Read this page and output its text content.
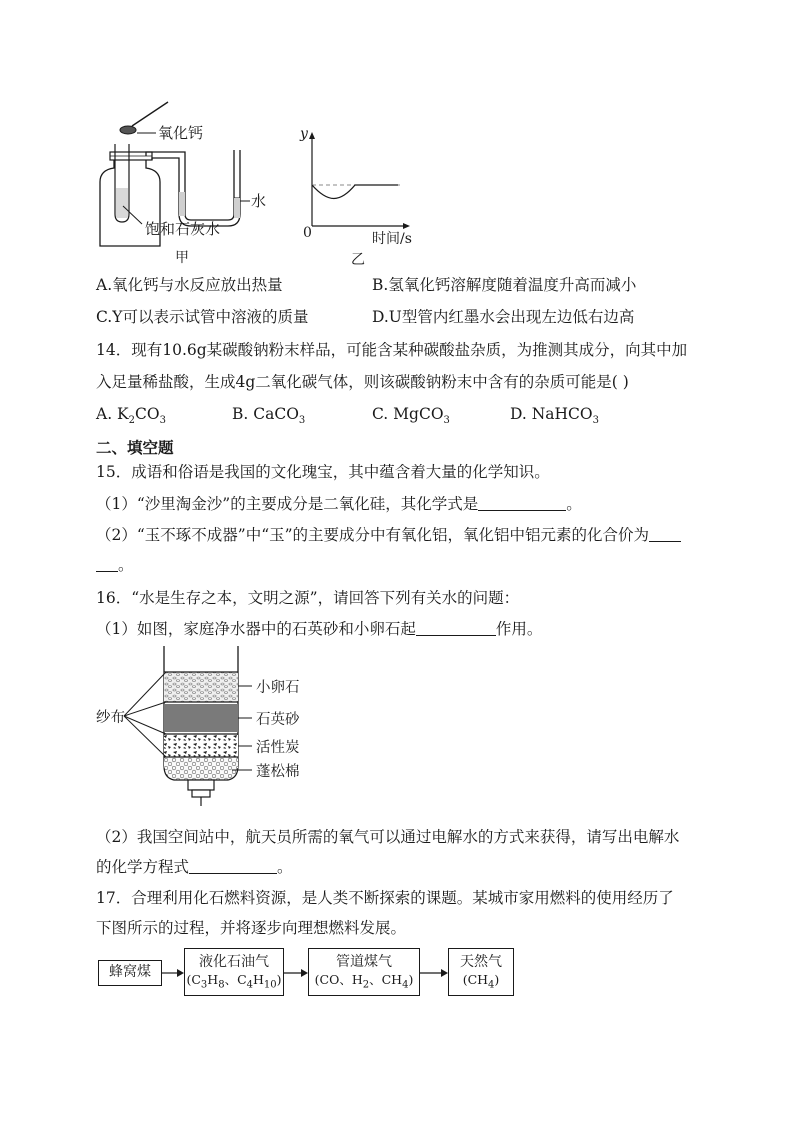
氧化钙
水
饱和石灰水
甲
y
0	时间/s
乙
A.氧化钙与水反应放出热量	B.氢氧化钙溶解度随着温度升高而减小
C.Y可以表示试管中溶液的质量	D.U型管内红墨水会出现左边低右边高
14．现有10.6g某碳酸钠粉末样品，可能含某种碳酸盐杂质，为推测其成分，向其中加
入足量稀盐酸，生成4g二氧化碳气体，则该碳酸钠粉末中含有的杂质可能是( )
A. $K_2CO_3$	B. CaCO$_3$	C. MgCO$_3$	D. NaHCO$_3$
二、填空题
15．成语和俗语是我国的文化瑰宝，其中蕴含着大量的化学知识。
（1）“沙里淘金沙”的主要成分是二氧化硅，其化学式是	。
（2）“玉不琢不成器”中“玉”的主要成分中有氧化铝，氧化铝中铝元素的化合价为
。
16．“水是生存之本，文明之源”，请回答下列有关水的问题：
（1）如图，家庭净水器中的石英砂和小卵石起	作用。
纱布
小卵石
石英砂
活性炭
蓬松棉
（2）我国空间站中，航天员所需的氧气可以通过电解水的方式来获得，请写出电解水
的化学方程式	。
17．合理利用化石燃料资源，是人类不断探索的课题。某城市家用燃料的使用经历了
下图所示的过程，并将逐步向理想燃料发展。
蜂窝煤
液化石油气
($C_3H_8$、$C_4H_{10}$)
管道煤气
(CO、$H_2$、$CH_4$)
天然气
$(CH_4)$
